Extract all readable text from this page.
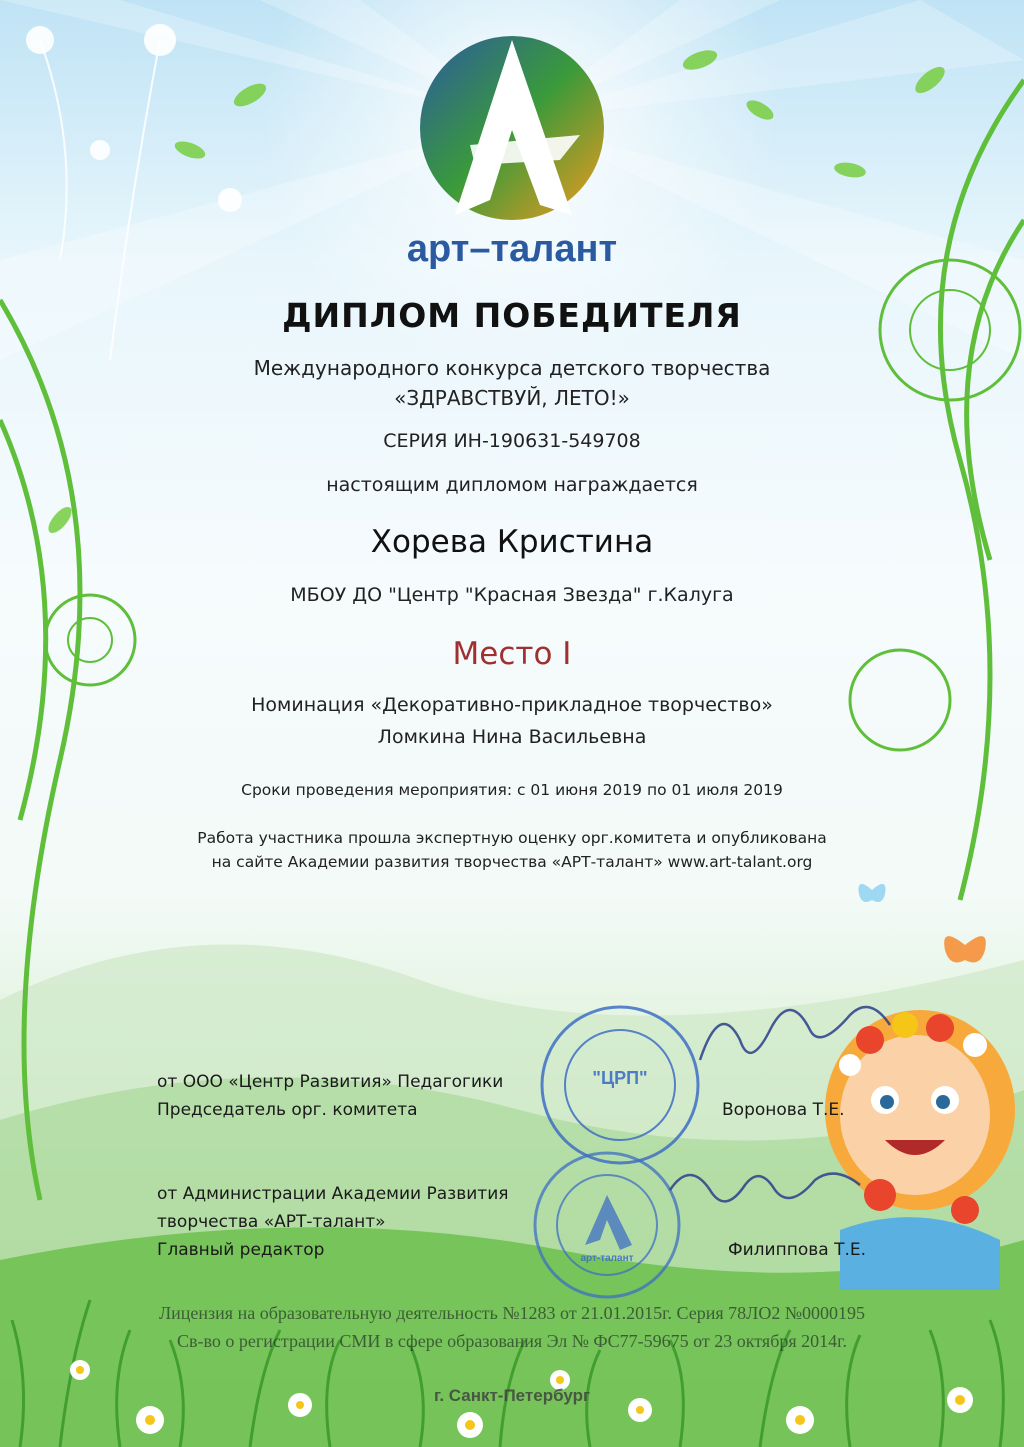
арт–талант
ДИПЛОМ ПОБЕДИТЕЛЯ
Международного конкурса детского творчества
«ЗДРАВСТВУЙ, ЛЕТО!»
СЕРИЯ ИН-190631-549708
настоящим дипломом награждается
Хорева Кристина
МБОУ ДО "Центр "Красная Звезда" г.Калуга
Место I
Номинация «Декоративно-прикладное творчество»
Ломкина Нина Васильевна
Сроки проведения мероприятия: с 01 июня 2019 по 01 июля 2019
Работа участника прошла экспертную оценку орг.комитета и опубликована
на сайте Академии развития творчества «АРТ-талант» www.art-talant.org
от ООО «Центр Развития» Педагогики
Председатель орг. комитета	Воронова Т.Е.
от Администрации Академии Развития
творчества «АРТ-талант»
Главный редактор	Филиппова Т.Е.
"ЦРП"
арт-талант
Лицензия на образовательную деятельность №1283 от 21.01.2015г. Серия 78ЛО2 №0000195
Св-во о регистрации СМИ в сфере образования Эл № ФС77-59675 от 23 октября 2014г.
г. Санкт-Петербург
